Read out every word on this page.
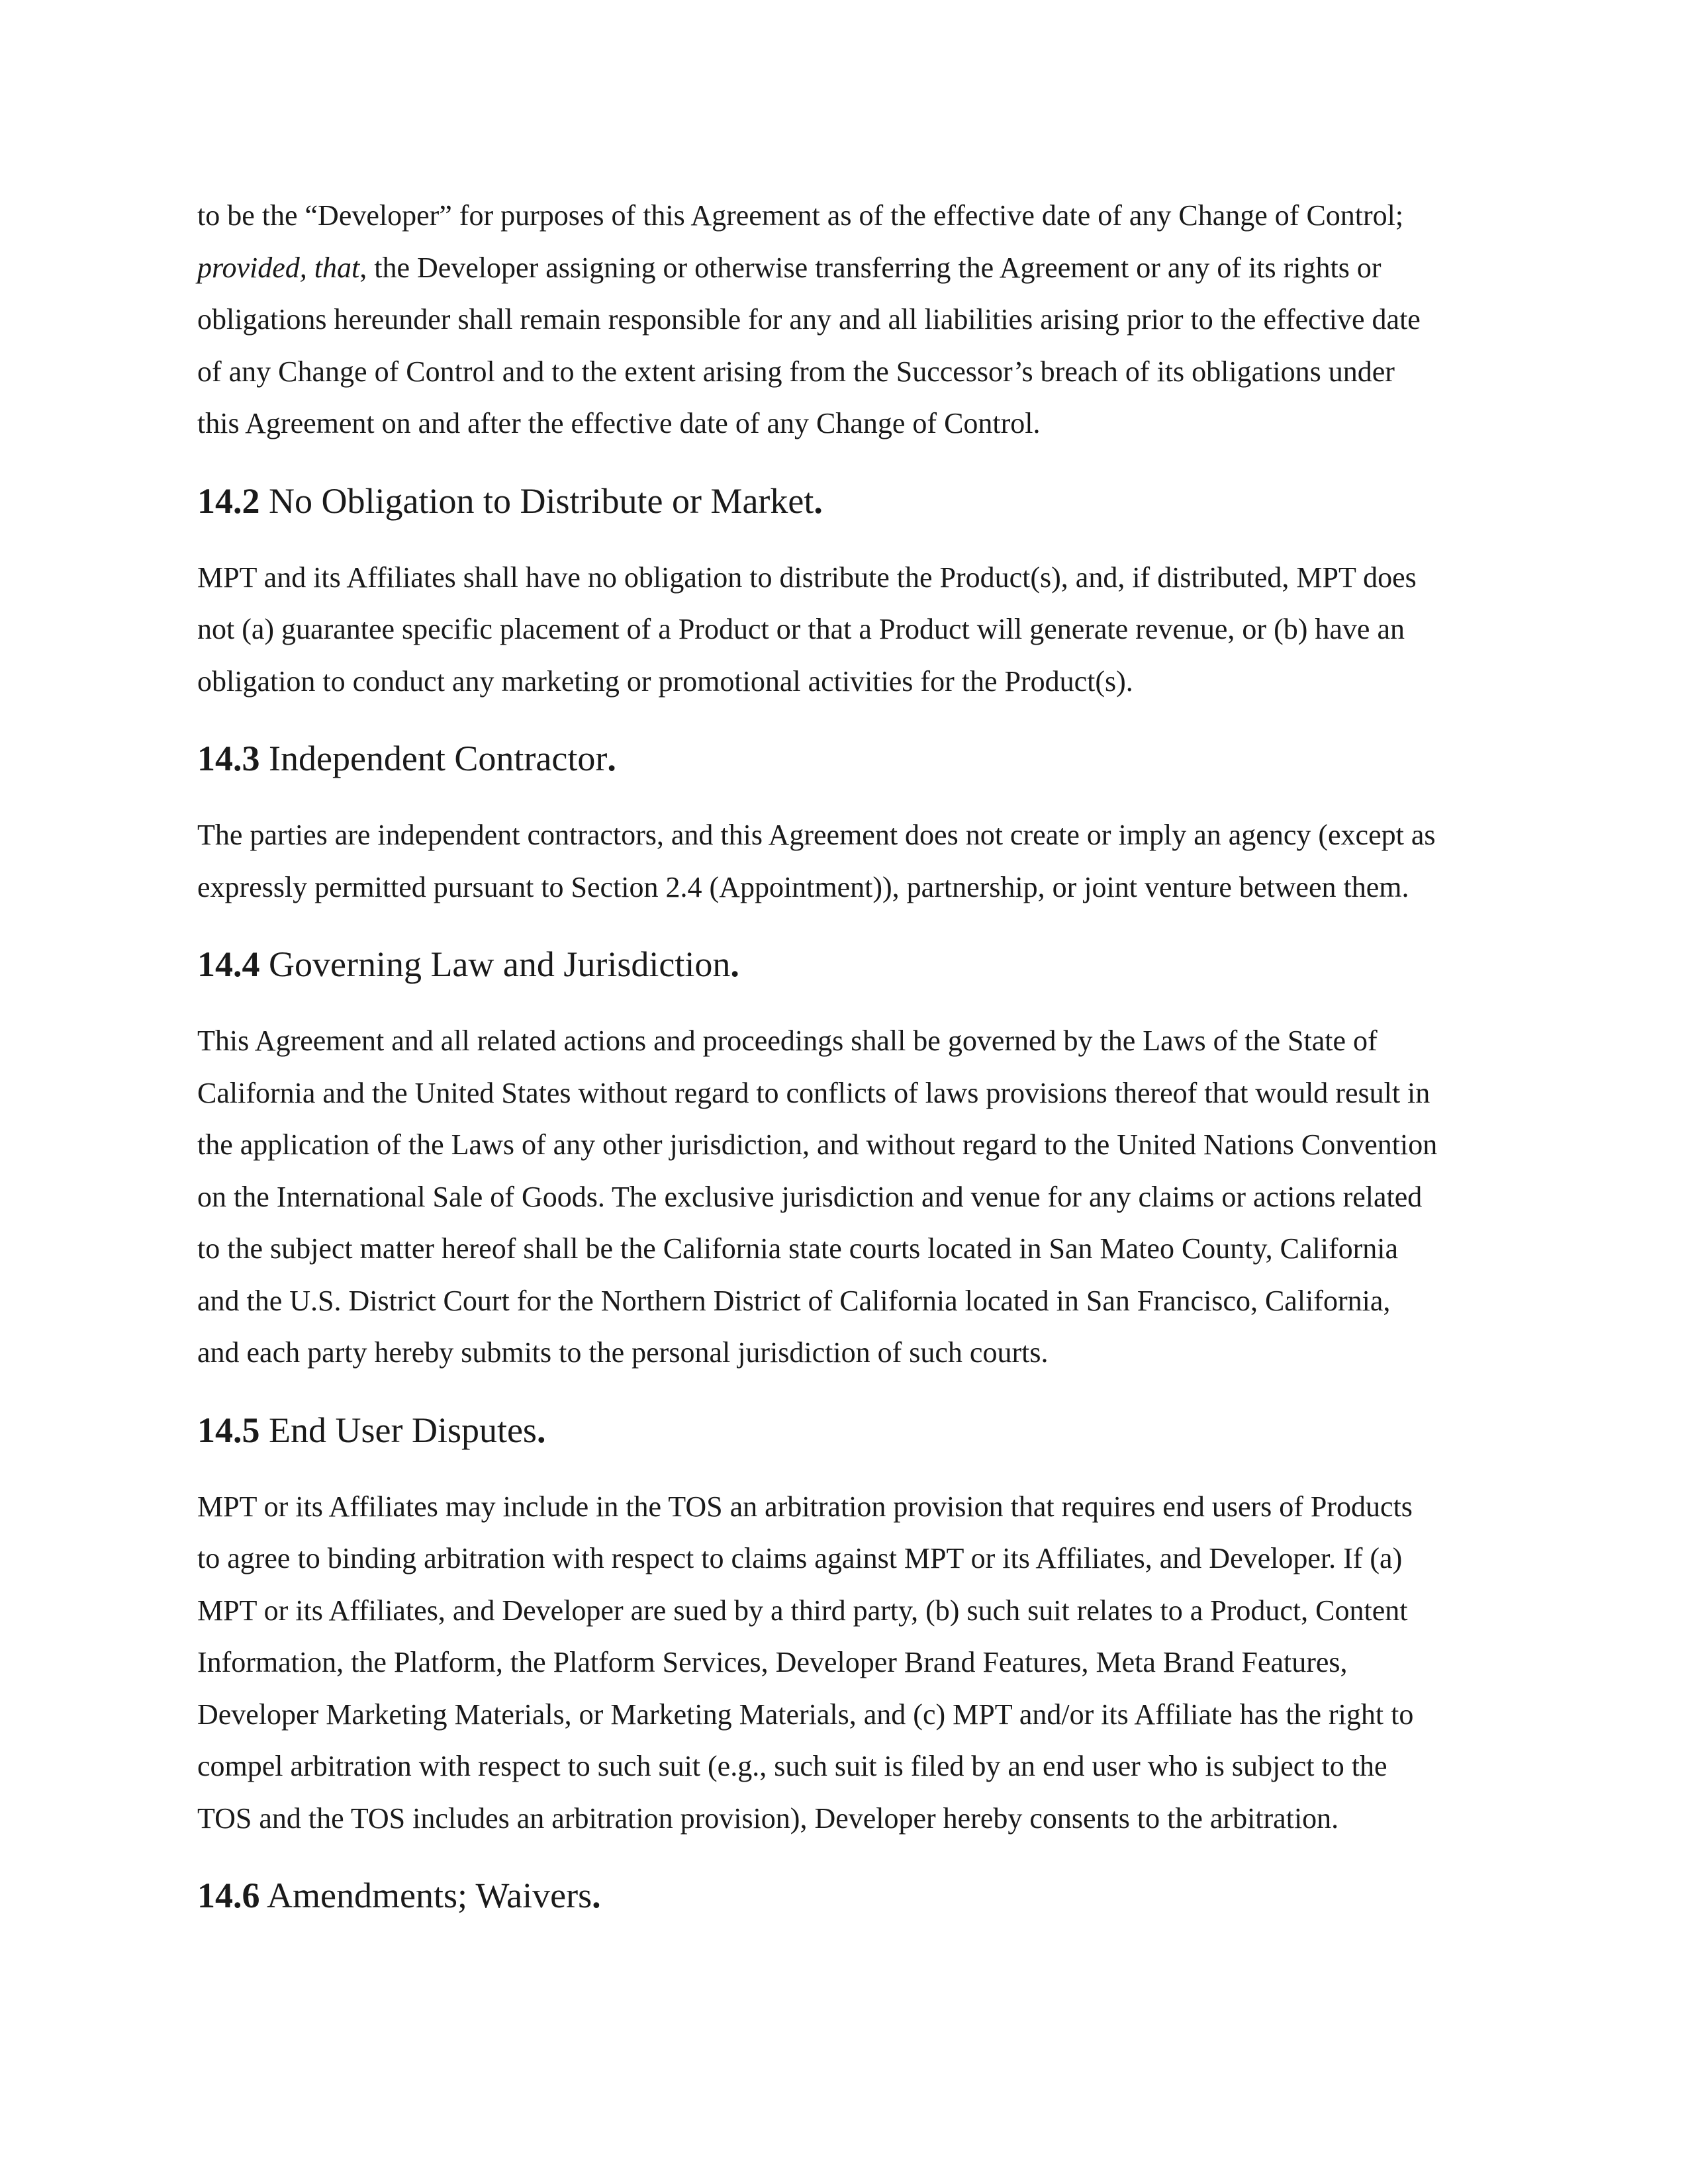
to be the “Developer” for purposes of this Agreement as of the effective date of any Change of Control;
provided, that, the Developer assigning or otherwise transferring the Agreement or any of its rights or
obligations hereunder shall remain responsible for any and all liabilities arising prior to the effective date
of any Change of Control and to the extent arising from the Successor’s breach of its obligations under
this Agreement on and after the effective date of any Change of Control.

14.2 No Obligation to Distribute or Market.

MPT and its Affiliates shall have no obligation to distribute the Product(s), and, if distributed, MPT does
not (a) guarantee specific placement of a Product or that a Product will generate revenue, or (b) have an
obligation to conduct any marketing or promotional activities for the Product(s).

14.3 Independent Contractor.

The parties are independent contractors, and this Agreement does not create or imply an agency (except as
expressly permitted pursuant to Section 2.4 (Appointment)), partnership, or joint venture between them.

14.4 Governing Law and Jurisdiction.

This Agreement and all related actions and proceedings shall be governed by the Laws of the State of
California and the United States without regard to conflicts of laws provisions thereof that would result in
the application of the Laws of any other jurisdiction, and without regard to the United Nations Convention
on the International Sale of Goods. The exclusive jurisdiction and venue for any claims or actions related
to the subject matter hereof shall be the California state courts located in San Mateo County, California
and the U.S. District Court for the Northern District of California located in San Francisco, California,
and each party hereby submits to the personal jurisdiction of such courts.

14.5 End User Disputes.

MPT or its Affiliates may include in the TOS an arbitration provision that requires end users of Products
to agree to binding arbitration with respect to claims against MPT or its Affiliates, and Developer. If (a)
MPT or its Affiliates, and Developer are sued by a third party, (b) such suit relates to a Product, Content
Information, the Platform, the Platform Services, Developer Brand Features, Meta Brand Features,
Developer Marketing Materials, or Marketing Materials, and (c) MPT and/or its Affiliate has the right to
compel arbitration with respect to such suit (e.g., such suit is filed by an end user who is subject to the
TOS and the TOS includes an arbitration provision), Developer hereby consents to the arbitration.

14.6 Amendments; Waivers.
